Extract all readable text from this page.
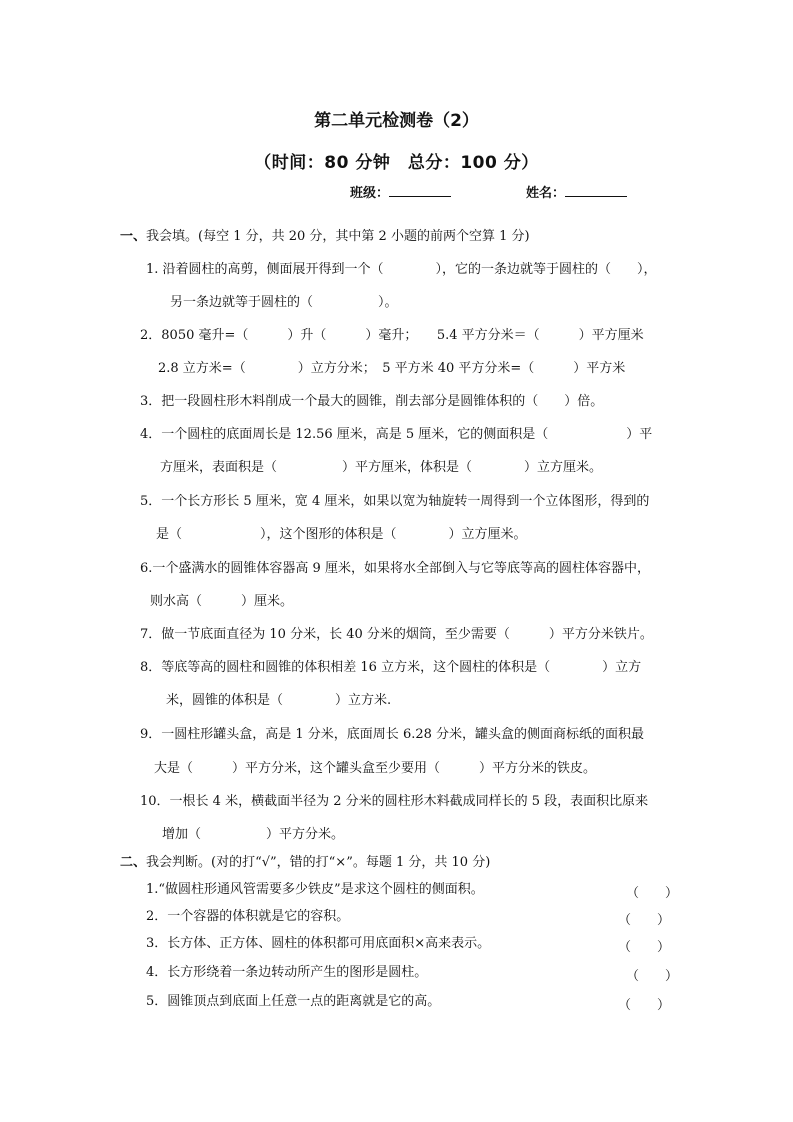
第二单元检测卷（2）
（时间：80 分钟　总分：100 分）
班级：	姓名：
一、我会填。(每空 1 分，共 20 分，其中第 2 小题的前两个空算 1 分)
1. 沿着圆柱的高剪，侧面展开得到一个（　　　　），它的一条边就等于圆柱的（　　），
另一条边就等于圆柱的（　　　　　）。
2．8050 毫升=（　　　）升（　　　）毫升；　　5.4 平方分米＝（　　　）平方厘米
2.8 立方米=（　　　　）立方分米；　5 平方米 40 平方分米=（　　　）平方米
3．把一段圆柱形木料削成一个最大的圆锥，削去部分是圆锥体积的（　　）倍。
4．一个圆柱的底面周长是 12.56 厘米，高是 5 厘米，它的侧面积是（　　　　　　）平
方厘米，表面积是（　　　　　）平方厘米，体积是（　　　　）立方厘米。
5．一个长方形长 5 厘米，宽 4 厘米，如果以宽为轴旋转一周得到一个立体图形，得到的
是（　　　　　　），这个图形的体积是（　　　　）立方厘米。
6.一个盛满水的圆锥体容器高 9 厘米，如果将水全部倒入与它等底等高的圆柱体容器中，
则水高（　　　）厘米。
7．做一节底面直径为 10 分米，长 40 分米的烟筒，至少需要（　　　）平方分米铁片。
8．等底等高的圆柱和圆锥的体积相差 16 立方米，这个圆柱的体积是（　　　　）立方
米，圆锥的体积是（　　　　）立方米.
9．一圆柱形罐头盒，高是 1 分米，底面周长 6.28 分米，罐头盒的侧面商标纸的面积最
大是（　　　）平方分米，这个罐头盒至少要用（　　　）平方分米的铁皮。
10．一根长 4 米，横截面半径为 2 分米的圆柱形木料截成同样长的 5 段，表面积比原来
增加（　　　　　）平方分米。
二、我会判断。(对的打“√”，错的打“×”。每题 1 分，共 10 分)
1.“做圆柱形通风管需要多少铁皮”是求这个圆柱的侧面积。	（　　）
2．一个容器的体积就是它的容积。	（　　）
3．长方体、正方体、圆柱的体积都可用底面积×高来表示。	（　　）
4．长方形绕着一条边转动所产生的图形是圆柱。	（　　）
5．圆锥顶点到底面上任意一点的距离就是它的高。	（　　）
